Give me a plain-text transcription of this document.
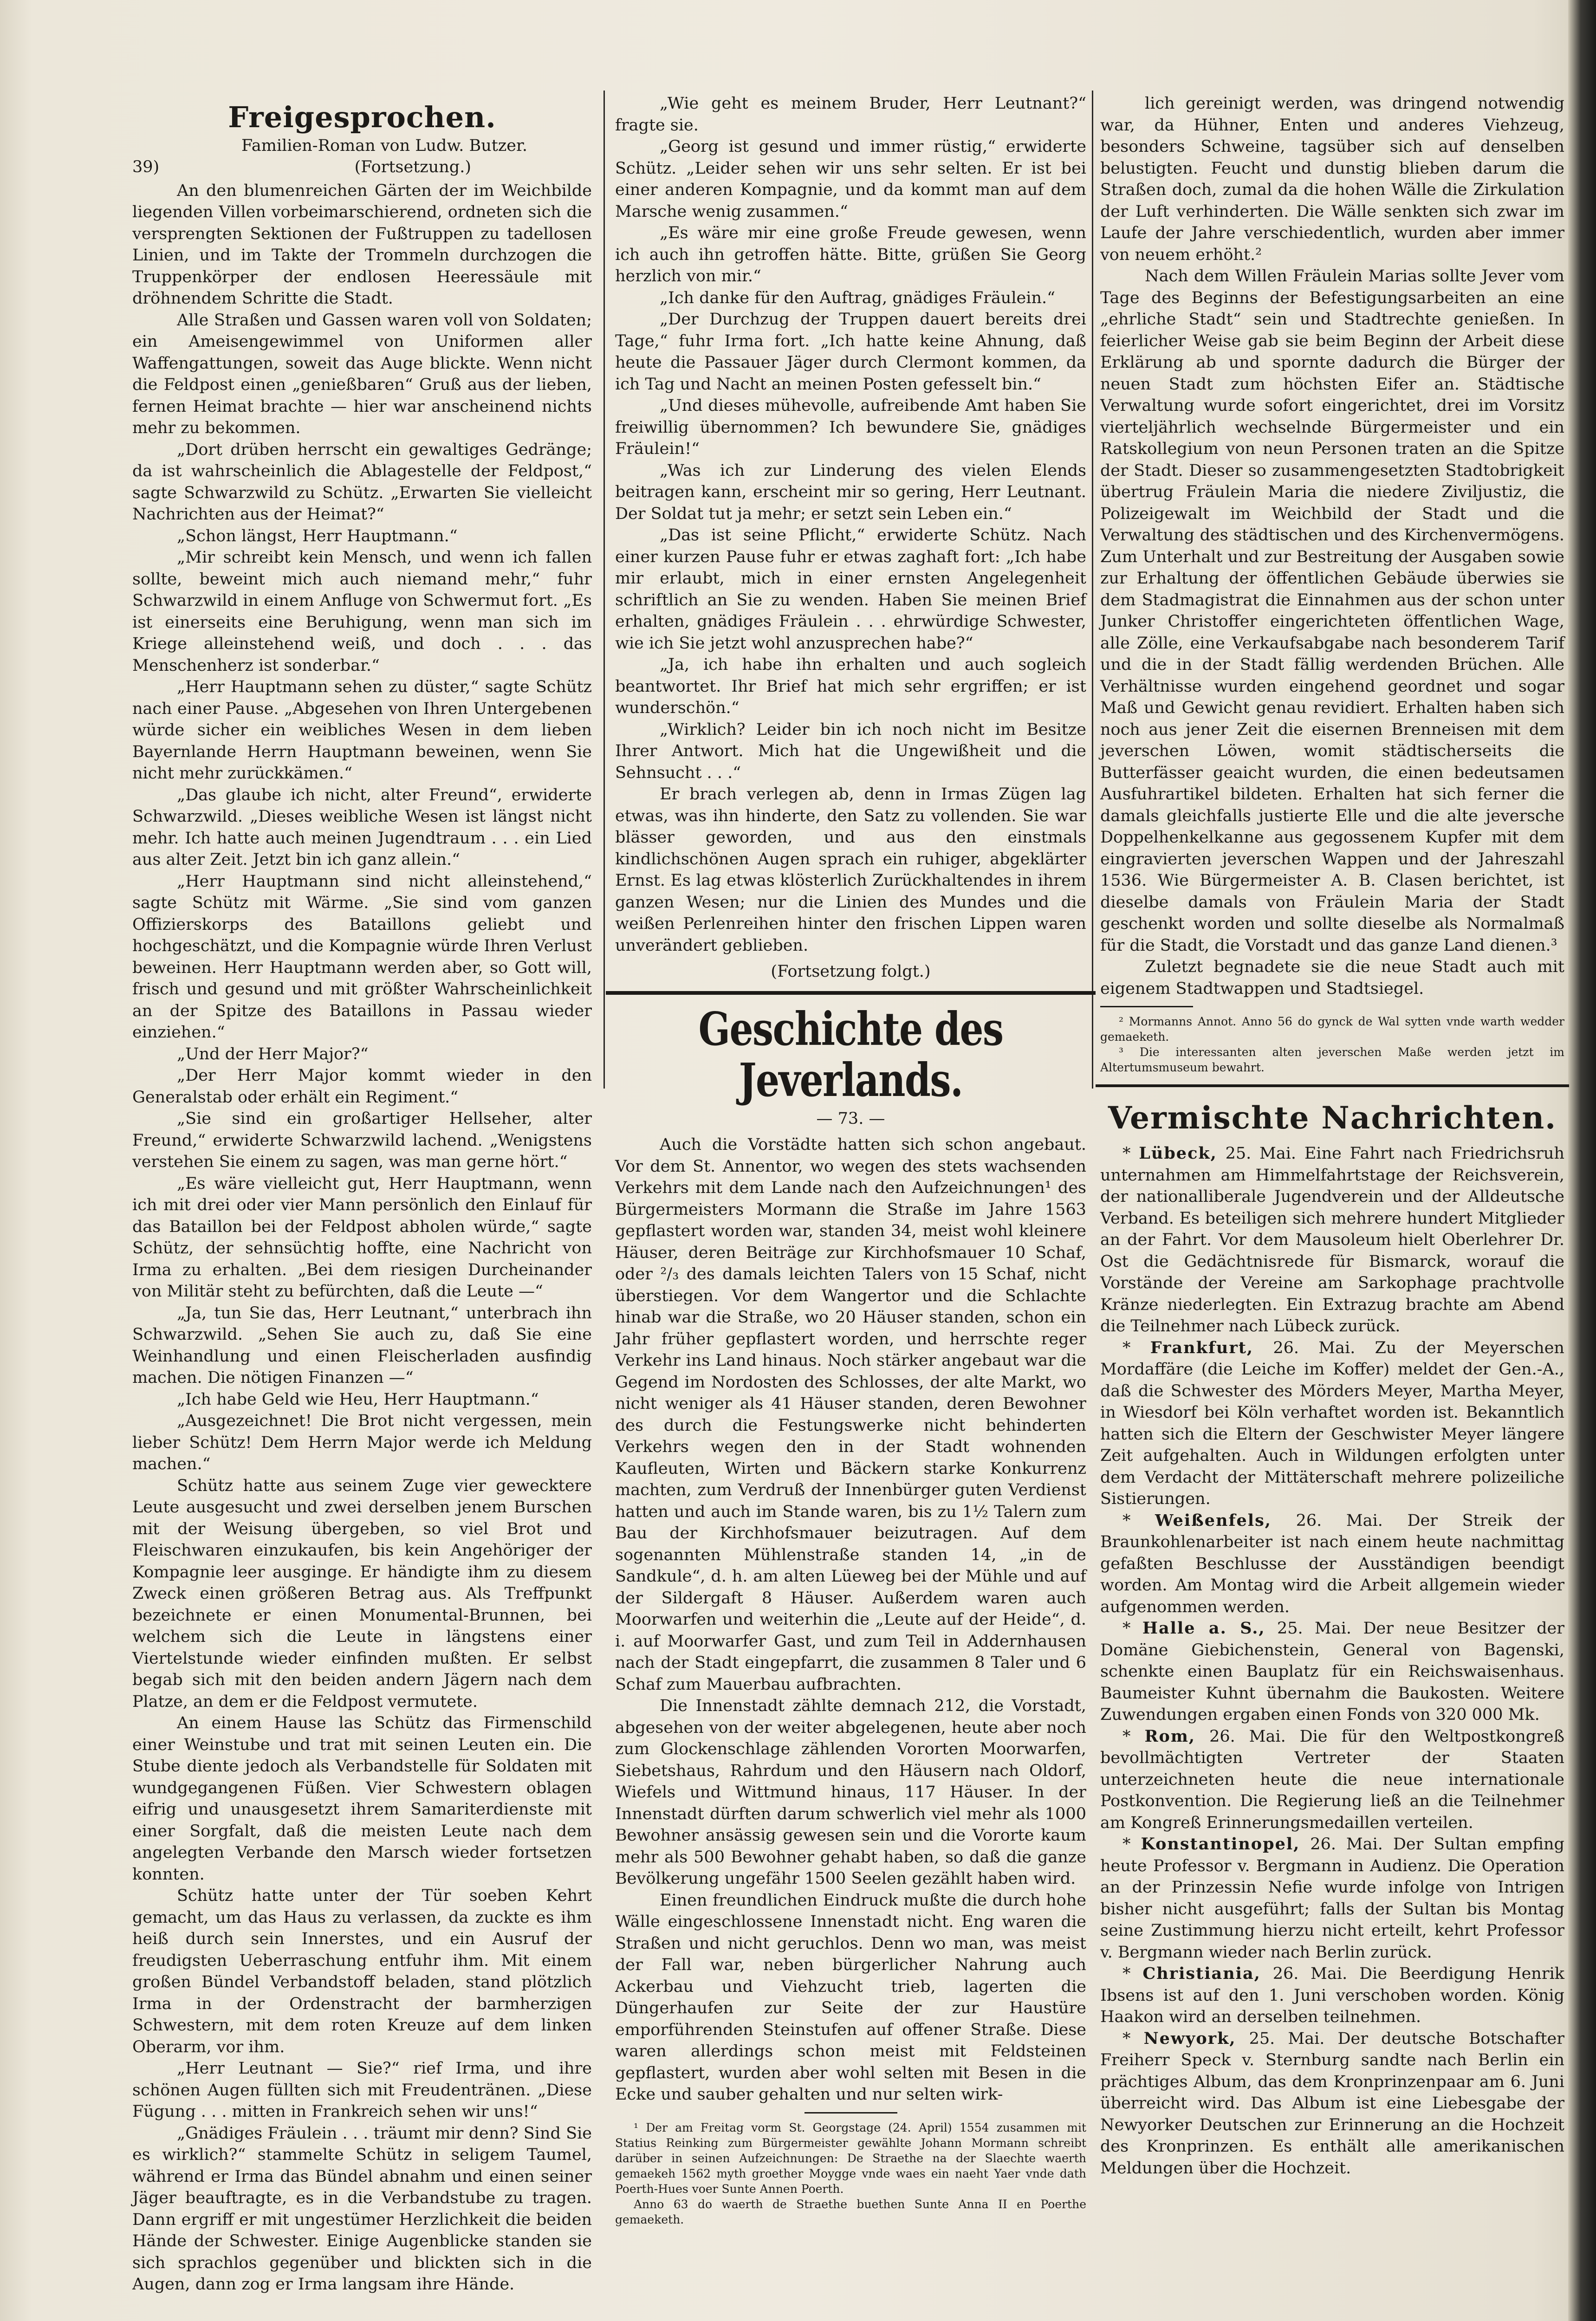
Freigesprochen.

Familien-Roman von Ludw. Butzer.

39)	(Fortsetzung.)

An den blumenreichen Gärten der im Weichbilde liegenden Villen vorbeimarschierend, ordneten sich die versprengten Sektionen der Fußtruppen zu tadellosen Linien, und im Takte der Trommeln durchzogen die Truppenkörper der endlosen Heeressäule mit dröhnendem Schritte die Stadt.

Alle Straßen und Gassen waren voll von Soldaten; ein Ameisengewimmel von Uniformen aller Waffengattungen, soweit das Auge blickte. Wenn nicht die Feldpost einen „genießbaren“ Gruß aus der lieben, fernen Heimat brachte — hier war anscheinend nichts mehr zu bekommen.

„Dort drüben herrscht ein gewaltiges Gedränge; da ist wahrscheinlich die Ablagestelle der Feldpost,“ sagte Schwarzwild zu Schütz. „Erwarten Sie vielleicht Nachrichten aus der Heimat?“

„Schon längst, Herr Hauptmann.“

„Mir schreibt kein Mensch, und wenn ich fallen sollte, beweint mich auch niemand mehr,“ fuhr Schwarzwild in einem Anfluge von Schwermut fort. „Es ist einerseits eine Beruhigung, wenn man sich im Kriege alleinstehend weiß, und doch . . . das Menschenherz ist sonderbar.“

„Herr Hauptmann sehen zu düster,“ sagte Schütz nach einer Pause. „Abgesehen von Ihren Untergebenen würde sicher ein weibliches Wesen in dem lieben Bayernlande Herrn Hauptmann beweinen, wenn Sie nicht mehr zurückkämen.“

„Das glaube ich nicht, alter Freund“, erwiderte Schwarzwild. „Dieses weibliche Wesen ist längst nicht mehr. Ich hatte auch meinen Jugendtraum . . . ein Lied aus alter Zeit. Jetzt bin ich ganz allein.“

„Herr Hauptmann sind nicht alleinstehend,“ sagte Schütz mit Wärme. „Sie sind vom ganzen Offizierskorps des Bataillons geliebt und hochgeschätzt, und die Kompagnie würde Ihren Verlust beweinen. Herr Hauptmann werden aber, so Gott will, frisch und gesund und mit größter Wahrscheinlichkeit an der Spitze des Bataillons in Passau wieder einziehen.“

„Und der Herr Major?“

„Der Herr Major kommt wieder in den Generalstab oder erhält ein Regiment.“

„Sie sind ein großartiger Hellseher, alter Freund,“ erwiderte Schwarzwild lachend. „Wenigstens verstehen Sie einem zu sagen, was man gerne hört.“

„Es wäre vielleicht gut, Herr Hauptmann, wenn ich mit drei oder vier Mann persönlich den Einlauf für das Bataillon bei der Feldpost abholen würde,“ sagte Schütz, der sehnsüchtig hoffte, eine Nachricht von Irma zu erhalten. „Bei dem riesigen Durcheinander von Militär steht zu befürchten, daß die Leute —“

„Ja, tun Sie das, Herr Leutnant,“ unterbrach ihn Schwarzwild. „Sehen Sie auch zu, daß Sie eine Weinhandlung und einen Fleischerladen ausfindig machen. Die nötigen Finanzen —“

„Ich habe Geld wie Heu, Herr Hauptmann.“

„Ausgezeichnet! Die Brot nicht vergessen, mein lieber Schütz! Dem Herrn Major werde ich Meldung machen.“

Schütz hatte aus seinem Zuge vier gewecktere Leute ausgesucht und zwei derselben jenem Burschen mit der Weisung übergeben, so viel Brot und Fleischwaren einzukaufen, bis kein Angehöriger der Kompagnie leer ausginge. Er händigte ihm zu diesem Zweck einen größeren Betrag aus. Als Treffpunkt bezeichnete er einen Monumental-Brunnen, bei welchem sich die Leute in längstens einer Viertelstunde wieder einfinden mußten. Er selbst begab sich mit den beiden andern Jägern nach dem Platze, an dem er die Feldpost vermutete.

An einem Hause las Schütz das Firmenschild einer Weinstube und trat mit seinen Leuten ein. Die Stube diente jedoch als Verbandstelle für Soldaten mit wundgegangenen Füßen. Vier Schwestern oblagen eifrig und unausgesetzt ihrem Samariterdienste mit einer Sorgfalt, daß die meisten Leute nach dem angelegten Verbande den Marsch wieder fortsetzen konnten.

Schütz hatte unter der Tür soeben Kehrt gemacht, um das Haus zu verlassen, da zuckte es ihm heiß durch sein Innerstes, und ein Ausruf der freudigsten Ueberraschung entfuhr ihm. Mit einem großen Bündel Verbandstoff beladen, stand plötzlich Irma in der Ordenstracht der barmherzigen Schwestern, mit dem roten Kreuze auf dem linken Oberarm, vor ihm.

„Herr Leutnant — Sie?“ rief Irma, und ihre schönen Augen füllten sich mit Freudentränen. „Diese Fügung . . . mitten in Frankreich sehen wir uns!“

„Gnädiges Fräulein . . . träumt mir denn? Sind Sie es wirklich?“ stammelte Schütz in seligem Taumel, während er Irma das Bündel abnahm und einen seiner Jäger beauftragte, es in die Verbandstube zu tragen. Dann ergriff er mit ungestümer Herzlichkeit die beiden Hände der Schwester. Einige Augenblicke standen sie sich sprachlos gegenüber und blickten sich in die Augen, dann zog er Irma langsam ihre Hände.

„Wie geht es meinem Bruder, Herr Leutnant?“ fragte sie.

„Georg ist gesund und immer rüstig,“ erwiderte Schütz. „Leider sehen wir uns sehr selten. Er ist bei einer anderen Kompagnie, und da kommt man auf dem Marsche wenig zusammen.“

„Es wäre mir eine große Freude gewesen, wenn ich auch ihn getroffen hätte. Bitte, grüßen Sie Georg herzlich von mir.“

„Ich danke für den Auftrag, gnädiges Fräulein.“

„Der Durchzug der Truppen dauert bereits drei Tage,“ fuhr Irma fort. „Ich hatte keine Ahnung, daß heute die Passauer Jäger durch Clermont kommen, da ich Tag und Nacht an meinen Posten gefesselt bin.“

„Und dieses mühevolle, aufreibende Amt haben Sie freiwillig übernommen? Ich bewundere Sie, gnädiges Fräulein!“

„Was ich zur Linderung des vielen Elends beitragen kann, erscheint mir so gering, Herr Leutnant. Der Soldat tut ja mehr; er setzt sein Leben ein.“

„Das ist seine Pflicht,“ erwiderte Schütz. Nach einer kurzen Pause fuhr er etwas zaghaft fort: „Ich habe mir erlaubt, mich in einer ernsten Angelegenheit schriftlich an Sie zu wenden. Haben Sie meinen Brief erhalten, gnädiges Fräulein . . . ehrwürdige Schwester, wie ich Sie jetzt wohl anzusprechen habe?“

„Ja, ich habe ihn erhalten und auch sogleich beantwortet. Ihr Brief hat mich sehr ergriffen; er ist wunderschön.“

„Wirklich? Leider bin ich noch nicht im Besitze Ihrer Antwort. Mich hat die Ungewißheit und die Sehnsucht . . .“

Er brach verlegen ab, denn in Irmas Zügen lag etwas, was ihn hinderte, den Satz zu vollenden. Sie war blässer geworden, und aus den einstmals kindlichschönen Augen sprach ein ruhiger, abgeklärter Ernst. Es lag etwas klösterlich Zurückhaltendes in ihrem ganzen Wesen; nur die Linien des Mundes und die weißen Perlenreihen hinter den frischen Lippen waren unverändert geblieben.

(Fortsetzung folgt.)

Geschichte des Jeverlands.
— 73. —

Auch die Vorstädte hatten sich schon angebaut. Vor dem St. Annentor, wo wegen des stets wachsenden Verkehrs mit dem Lande nach den Aufzeichnungen¹ des Bürgermeisters Mormann die Straße im Jahre 1563 gepflastert worden war, standen 34, meist wohl kleinere Häuser, deren Beiträge zur Kirchhofsmauer 10 Schaf, oder ²/₃ des damals leichten Talers von 15 Schaf, nicht überstiegen. Vor dem Wangertor und die Schlachte hinab war die Straße, wo 20 Häuser standen, schon ein Jahr früher gepflastert worden, und herrschte reger Verkehr ins Land hinaus. Noch stärker angebaut war die Gegend im Nordosten des Schlosses, der alte Markt, wo nicht weniger als 41 Häuser standen, deren Bewohner des durch die Festungswerke nicht behinderten Verkehrs wegen den in der Stadt wohnenden Kaufleuten, Wirten und Bäckern starke Konkurrenz machten, zum Verdruß der Innenbürger guten Verdienst hatten und auch im Stande waren, bis zu 1½ Talern zum Bau der Kirchhofsmauer beizutragen. Auf dem sogenannten Mühlenstraße standen 14, „in de Sandkule“, d. h. am alten Lüeweg bei der Mühle und auf der Sildergaft 8 Häuser. Außerdem waren auch Moorwarfen und weiterhin die „Leute auf der Heide“, d. i. auf Moorwarfer Gast, und zum Teil in Addernhausen nach der Stadt eingepfarrt, die zusammen 8 Taler und 6 Schaf zum Mauerbau aufbrachten.

Die Innenstadt zählte demnach 212, die Vorstadt, abgesehen von der weiter abgelegenen, heute aber noch zum Glockenschlage zählenden Vororten Moorwarfen, Siebetshaus, Rahrdum und den Häusern nach Oldorf, Wiefels und Wittmund hinaus, 117 Häuser. In der Innenstadt dürften darum schwerlich viel mehr als 1000 Bewohner ansässig gewesen sein und die Vororte kaum mehr als 500 Bewohner gehabt haben, so daß die ganze Bevölkerung ungefähr 1500 Seelen gezählt haben wird.

Einen freundlichen Eindruck mußte die durch hohe Wälle eingeschlossene Innenstadt nicht. Eng waren die Straßen und nicht geruchlos. Denn wo man, was meist der Fall war, neben bürgerlicher Nahrung auch Ackerbau und Viehzucht trieb, lagerten die Düngerhaufen zur Seite der zur Haustüre emporführenden Steinstufen auf offener Straße. Diese waren allerdings schon meist mit Feldsteinen gepflastert, wurden aber wohl selten mit Besen in die Ecke und sauber gehalten und nur selten wirk-

¹ Der am Freitag vorm St. Georgstage (24. April) 1554 zusammen mit Statius Reinking zum Bürgermeister gewählte Johann Mormann schreibt darüber in seinen Aufzeichnungen: De Straethe na der Slaechte waerth gemaekeh 1562 myth groether Moygge vnde waes ein naeht Yaer vnde dath Poerth-Hues voer Sunte Annen Poerth.

Anno 63 do waerth de Straethe buethen Sunte Anna II en Poerthe gemaeketh.

lich gereinigt werden, was dringend notwendig war, da Hühner, Enten und anderes Viehzeug, besonders Schweine, tagsüber sich auf denselben belustigten. Feucht und dunstig blieben darum die Straßen doch, zumal da die hohen Wälle die Zirkulation der Luft verhinderten. Die Wälle senkten sich zwar im Laufe der Jahre verschiedentlich, wurden aber immer von neuem erhöht.²

Nach dem Willen Fräulein Marias sollte Jever vom Tage des Beginns der Befestigungsarbeiten an eine „ehrliche Stadt“ sein und Stadtrechte genießen. In feierlicher Weise gab sie beim Beginn der Arbeit diese Erklärung ab und spornte dadurch die Bürger der neuen Stadt zum höchsten Eifer an. Städtische Verwaltung wurde sofort eingerichtet, drei im Vorsitz vierteljährlich wechselnde Bürgermeister und ein Ratskollegium von neun Personen traten an die Spitze der Stadt. Dieser so zusammengesetzten Stadtobrigkeit übertrug Fräulein Maria die niedere Ziviljustiz, die Polizeigewalt im Weichbild der Stadt und die Verwaltung des städtischen und des Kirchenvermögens. Zum Unterhalt und zur Bestreitung der Ausgaben sowie zur Erhaltung der öffentlichen Gebäude überwies sie dem Stadmagistrat die Einnahmen aus der schon unter Junker Christoffer eingerichteten öffentlichen Wage, alle Zölle, eine Verkaufsabgabe nach besonderem Tarif und die in der Stadt fällig werdenden Brüchen. Alle Verhältnisse wurden eingehend geordnet und sogar Maß und Gewicht genau revidiert. Erhalten haben sich noch aus jener Zeit die eisernen Brenneisen mit dem jeverschen Löwen, womit städtischerseits die Butterfässer geaicht wurden, die einen bedeutsamen Ausfuhrartikel bildeten. Erhalten hat sich ferner die damals gleichfalls justierte Elle und die alte jeversche Doppelhenkelkanne aus gegossenem Kupfer mit dem eingravierten jeverschen Wappen und der Jahreszahl 1536. Wie Bürgermeister A. B. Clasen berichtet, ist dieselbe damals von Fräulein Maria der Stadt geschenkt worden und sollte dieselbe als Normalmaß für die Stadt, die Vorstadt und das ganze Land dienen.³

Zuletzt begnadete sie die neue Stadt auch mit eigenem Stadtwappen und Stadtsiegel.

² Mormanns Annot. Anno 56 do gynck de Wal sytten vnde warth wedder gemaeketh.

³ Die interessanten alten jeverschen Maße werden jetzt im Altertumsmuseum bewahrt.

Vermischte Nachrichten.

* Lübeck, 25. Mai. Eine Fahrt nach Friedrichsruh unternahmen am Himmelfahrtstage der Reichsverein, der nationalliberale Jugendverein und der Alldeutsche Verband. Es beteiligen sich mehrere hundert Mitglieder an der Fahrt. Vor dem Mausoleum hielt Oberlehrer Dr. Ost die Gedächtnisrede für Bismarck, worauf die Vorstände der Vereine am Sarkophage prachtvolle Kränze niederlegten. Ein Extrazug brachte am Abend die Teilnehmer nach Lübeck zurück.

* Frankfurt, 26. Mai. Zu der Meyerschen Mordaffäre (die Leiche im Koffer) meldet der Gen.-A., daß die Schwester des Mörders Meyer, Martha Meyer, in Wiesdorf bei Köln verhaftet worden ist. Bekanntlich hatten sich die Eltern der Geschwister Meyer längere Zeit aufgehalten. Auch in Wildungen erfolgten unter dem Verdacht der Mittäterschaft mehrere polizeiliche Sistierungen.

* Weißenfels, 26. Mai. Der Streik der Braunkohlenarbeiter ist nach einem heute nachmittag gefaßten Beschlusse der Ausständigen beendigt worden. Am Montag wird die Arbeit allgemein wieder aufgenommen werden.

* Halle a. S., 25. Mai. Der neue Besitzer der Domäne Giebichenstein, General von Bagenski, schenkte einen Bauplatz für ein Reichswaisenhaus. Baumeister Kuhnt übernahm die Baukosten. Weitere Zuwendungen ergaben einen Fonds von 320 000 Mk.

* Rom, 26. Mai. Die für den Weltpostkongreß bevollmächtigten Vertreter der Staaten unterzeichneten heute die neue internationale Postkonvention. Die Regierung ließ an die Teilnehmer am Kongreß Erinnerungsmedaillen verteilen.

* Konstantinopel, 26. Mai. Der Sultan empfing heute Professor v. Bergmann in Audienz. Die Operation an der Prinzessin Nefie wurde infolge von Intrigen bisher nicht ausgeführt; falls der Sultan bis Montag seine Zustimmung hierzu nicht erteilt, kehrt Professor v. Bergmann wieder nach Berlin zurück.

* Christiania, 26. Mai. Die Beerdigung Henrik Ibsens ist auf den 1. Juni verschoben worden. König Haakon wird an derselben teilnehmen.

* Newyork, 25. Mai. Der deutsche Botschafter Freiherr Speck v. Sternburg sandte nach Berlin ein prächtiges Album, das dem Kronprinzenpaar am 6. Juni überreicht wird. Das Album ist eine Liebesgabe der Newyorker Deutschen zur Erinnerung an die Hochzeit des Kronprinzen. Es enthält alle amerikanischen Meldungen über die Hochzeit.
